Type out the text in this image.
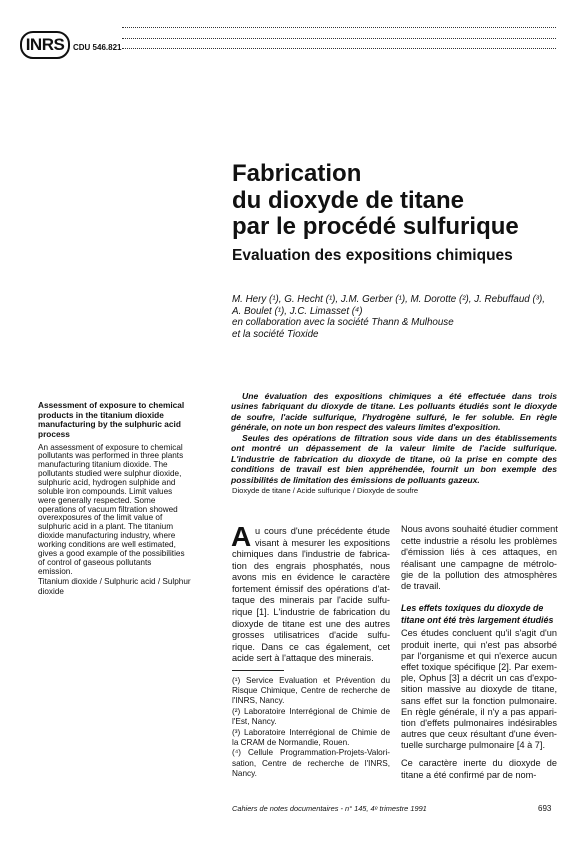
INRS	CDU 546.821
Fabrication
du dioxyde de titane
par le procédé sulfurique
Evaluation des expositions chimiques
M. Hery (¹), G. Hecht (¹), J.M. Gerber (¹), M. Dorotte (²), J. Rebuffaud (³),
A. Boulet (¹), J.C. Limasset (⁴)
en collaboration avec la société Thann & Mulhouse
et la société Tioxide
Assessment of exposure to chemical
products in the titanium dioxide
manufacturing by the sulphuric acid
process
An assessment of exposure to chemical
pollutants was performed in three plants
manufacturing titanium dioxide. The
pollutants studied were sulphur dioxide,
sulphuric acid, hydrogen sulphide and
soluble iron compounds. Limit values
were generally respected. Some
operations of vacuum filtration showed
overexposures of the limit value of
sulphuric acid in a plant. The titanium
dioxide manufacturing industry, where
working conditions are well estimated,
gives a good example of the possibilities
of control of gaseous pollutants
emission.
Titanium dioxide / Sulphuric acid / Sulphur
dioxide
Une évaluation des expositions chimiques a été effectuée dans trois
usines fabriquant du dioxyde de titane. Les polluants étudiés sont le dioxyde
de soufre, l'acide sulfurique, l'hydrogène sulfuré, le fer soluble. En règle
générale, on note un bon respect des valeurs limites d'exposition.
Seules des opérations de filtration sous vide dans un des établissements
ont montré un dépassement de la valeur limite de l'acide sulfurique.
L'industrie de fabrication du dioxyde de titane, où la prise en compte des
conditions de travail est bien appréhendée, fournit un bon exemple des
possibilités de limitation des émissions de polluants gazeux.
Dioxyde de titane / Acide sulfurique / Dioxyde de soufre
A u cours d'une précédente étude
visant à mesurer les expositions
chimiques dans l'industrie de fabrica-
tion des engrais phosphatés, nous
avons mis en évidence le caractère
fortement émissif des opérations d'at-
taque des minerais par l'acide sulfu-
rique [1]. L'industrie de fabrication du
dioxyde de titane est une des autres
grosses utilisatrices d'acide sulfu-
rique. Dans ce cas également, cet
acide sert à l'attaque des minerais.
Nous avons souhaité étudier comment
cette industrie a résolu les problèmes
d'émission liés à ces attaques, en
réalisant une campagne de métrolo-
gie de la pollution des atmosphères
de travail.
Les effets toxiques du dioxyde de
titane ont été très largement étudiés
Ces études concluent qu'il s'agit d'un
produit inerte, qui n'est pas absorbé
par l'organisme et qui n'exerce aucun
effet toxique spécifique [2]. Par exem-
ple, Ophus [3] a décrit un cas d'expo-
sition massive au dioxyde de titane,
sans effet sur la fonction pulmonaire.
En règle générale, il n'y a pas appari-
tion d'effets pulmonaires indésirables
autres que ceux résultant d'une éven-
tuelle surcharge pulmonaire [4 à 7].
Ce caractère inerte du dioxyde de
titane a été confirmé par de nom-
(¹) Service Evaluation et Prévention du
Risque Chimique, Centre de recherche de
l'INRS, Nancy.
(²) Laboratoire Interrégional de Chimie de
l'Est, Nancy.
(³) Laboratoire Interrégional de Chimie de
la CRAM de Normandie, Rouen.
(⁴) Cellule Programmation-Projets-Valori-
sation, Centre de recherche de l'INRS,
Nancy.
Cahiers de notes documentaires - n° 145, 4ᵉ trimestre 1991	693
